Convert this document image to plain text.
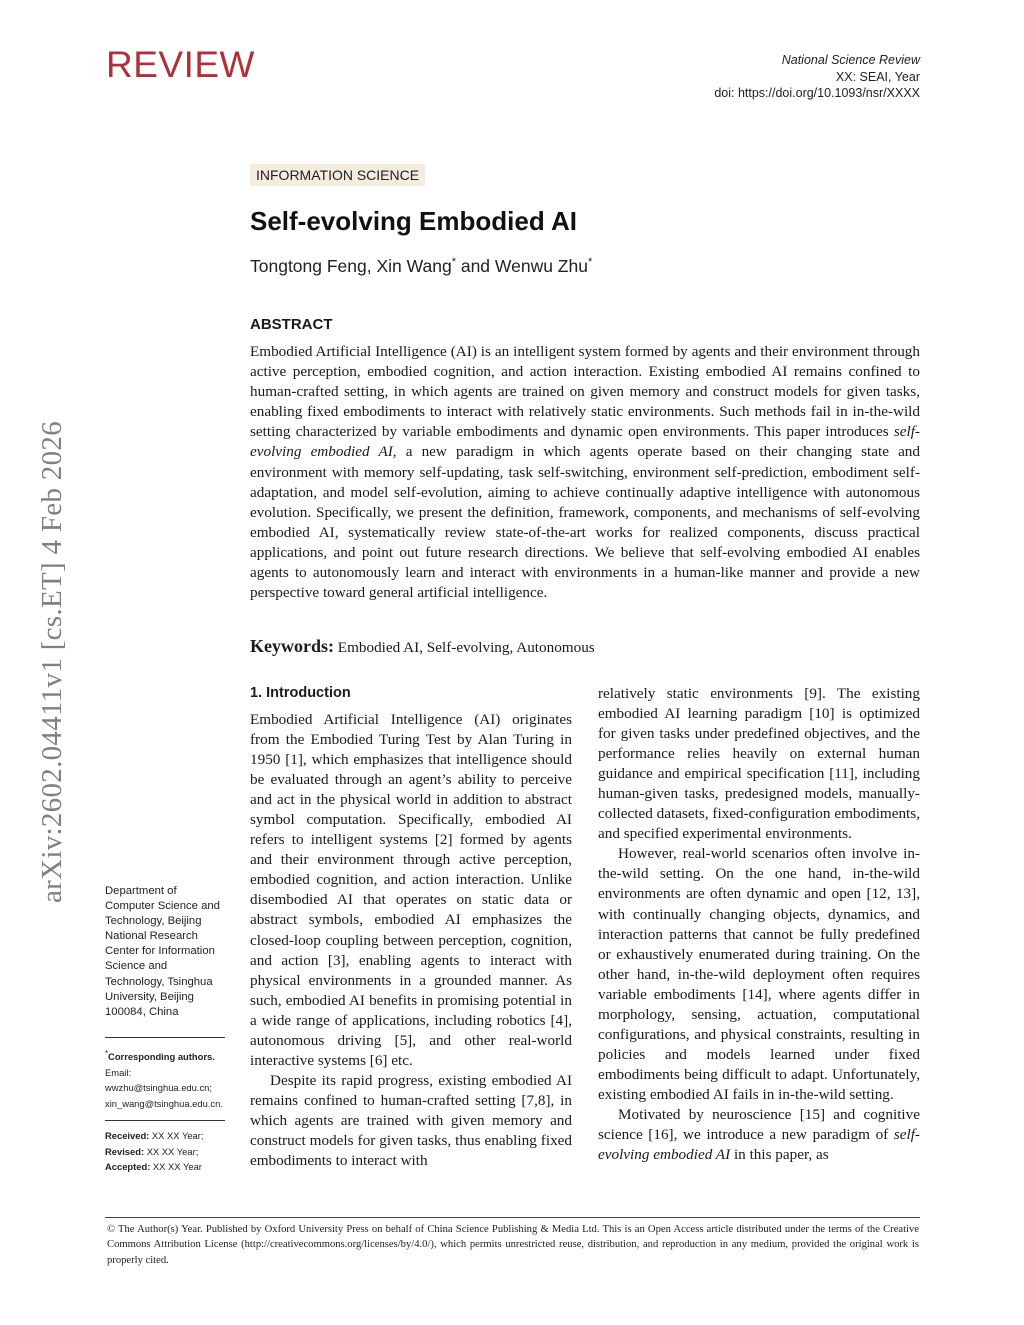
REVIEW	National Science Review
XX: SEAI, Year
doi: https://doi.org/10.1093/nsr/XXXX
arXiv:2602.04411v1 [cs.ET] 4 Feb 2026
INFORMATION SCIENCE
Self-evolving Embodied AI
Tongtong Feng, Xin Wang* and Wenwu Zhu*
ABSTRACT

Embodied Artificial Intelligence (AI) is an intelligent system formed by agents and their environment through active perception, embodied cognition, and action interaction. Existing embodied AI remains confined to human-crafted setting, in which agents are trained on given memory and construct models for given tasks, enabling fixed embodiments to interact with relatively static environments. Such methods fail in in-the-wild setting characterized by variable embodiments and dynamic open environments. This paper introduces self-evolving embodied AI, a new paradigm in which agents operate based on their changing state and environment with memory self-updating, task self-switching, environment self-prediction, embodiment self-adaptation, and model self-evolution, aiming to achieve continually adaptive intelligence with autonomous evolution. Specifically, we present the definition, framework, components, and mechanisms of self-evolving embodied AI, systematically review state-of-the-art works for realized components, discuss practical applications, and point out future research directions. We believe that self-evolving embodied AI enables agents to autonomously learn and interact with environments in a human-like manner and provide a new perspective toward general artificial intelligence.

Keywords: Embodied AI, Self-evolving, Autonomous
1. Introduction

Embodied Artificial Intelligence (AI) originates from the Embodied Turing Test by Alan Turing in 1950 [1], which emphasizes that intelligence should be evaluated through an agent’s ability to perceive and act in the physical world in addition to abstract symbol computation. Specifically, embodied AI refers to intelligent systems [2] formed by agents and their environment through active perception, embodied cognition, and action interaction. Unlike disembodied AI that operates on static data or abstract symbols, embodied AI emphasizes the closed-loop coupling between perception, cognition, and action [3], enabling agents to interact with physical environments in a grounded manner. As such, embodied AI benefits in promising potential in a wide range of applications, including robotics [4], autonomous driving [5], and other real-world interactive systems [6] etc.

Despite its rapid progress, existing embodied AI remains confined to human-crafted setting [7,8], in which agents are trained with given memory and construct models for given tasks, thus enabling fixed embodiments to interact with

relatively static environments [9]. The existing embodied AI learning paradigm [10] is optimized for given tasks under predefined objectives, and the performance relies heavily on external human guidance and empirical specification [11], including human-given tasks, predesigned models, manually-collected datasets, fixed-configuration embodiments, and specified experimental environments.

However, real-world scenarios often involve in-the-wild setting. On the one hand, in-the-wild environments are often dynamic and open [12, 13], with continually changing objects, dynamics, and interaction patterns that cannot be fully predefined or exhaustively enumerated during training. On the other hand, in-the-wild deployment often requires variable embodiments [14], where agents differ in morphology, sensing, actuation, computational configurations, and physical constraints, resulting in policies and models learned under fixed embodiments being difficult to adapt. Unfortunately, existing embodied AI fails in in-the-wild setting.

Motivated by neuroscience [15] and cognitive science [16], we introduce a new paradigm of self-evolving embodied AI in this paper, as

Department of Computer Science and Technology, Beijing National Research Center for Information Science and Technology, Tsinghua University, Beijing 100084, China
*Corresponding authors.
Email:
wwzhu@tsinghua.edu.cn;
xin_wang@tsinghua.edu.cn.
Received: XX XX Year;
Revised: XX XX Year;
Accepted: XX XX Year
© The Author(s) Year. Published by Oxford University Press on behalf of China Science Publishing & Media Ltd. This is an Open Access article distributed under the terms of the Creative Commons Attribution License (http://creativecommons.org/licenses/by/4.0/), which permits unrestricted reuse, distribution, and reproduction in any medium, provided the original work is properly cited.
